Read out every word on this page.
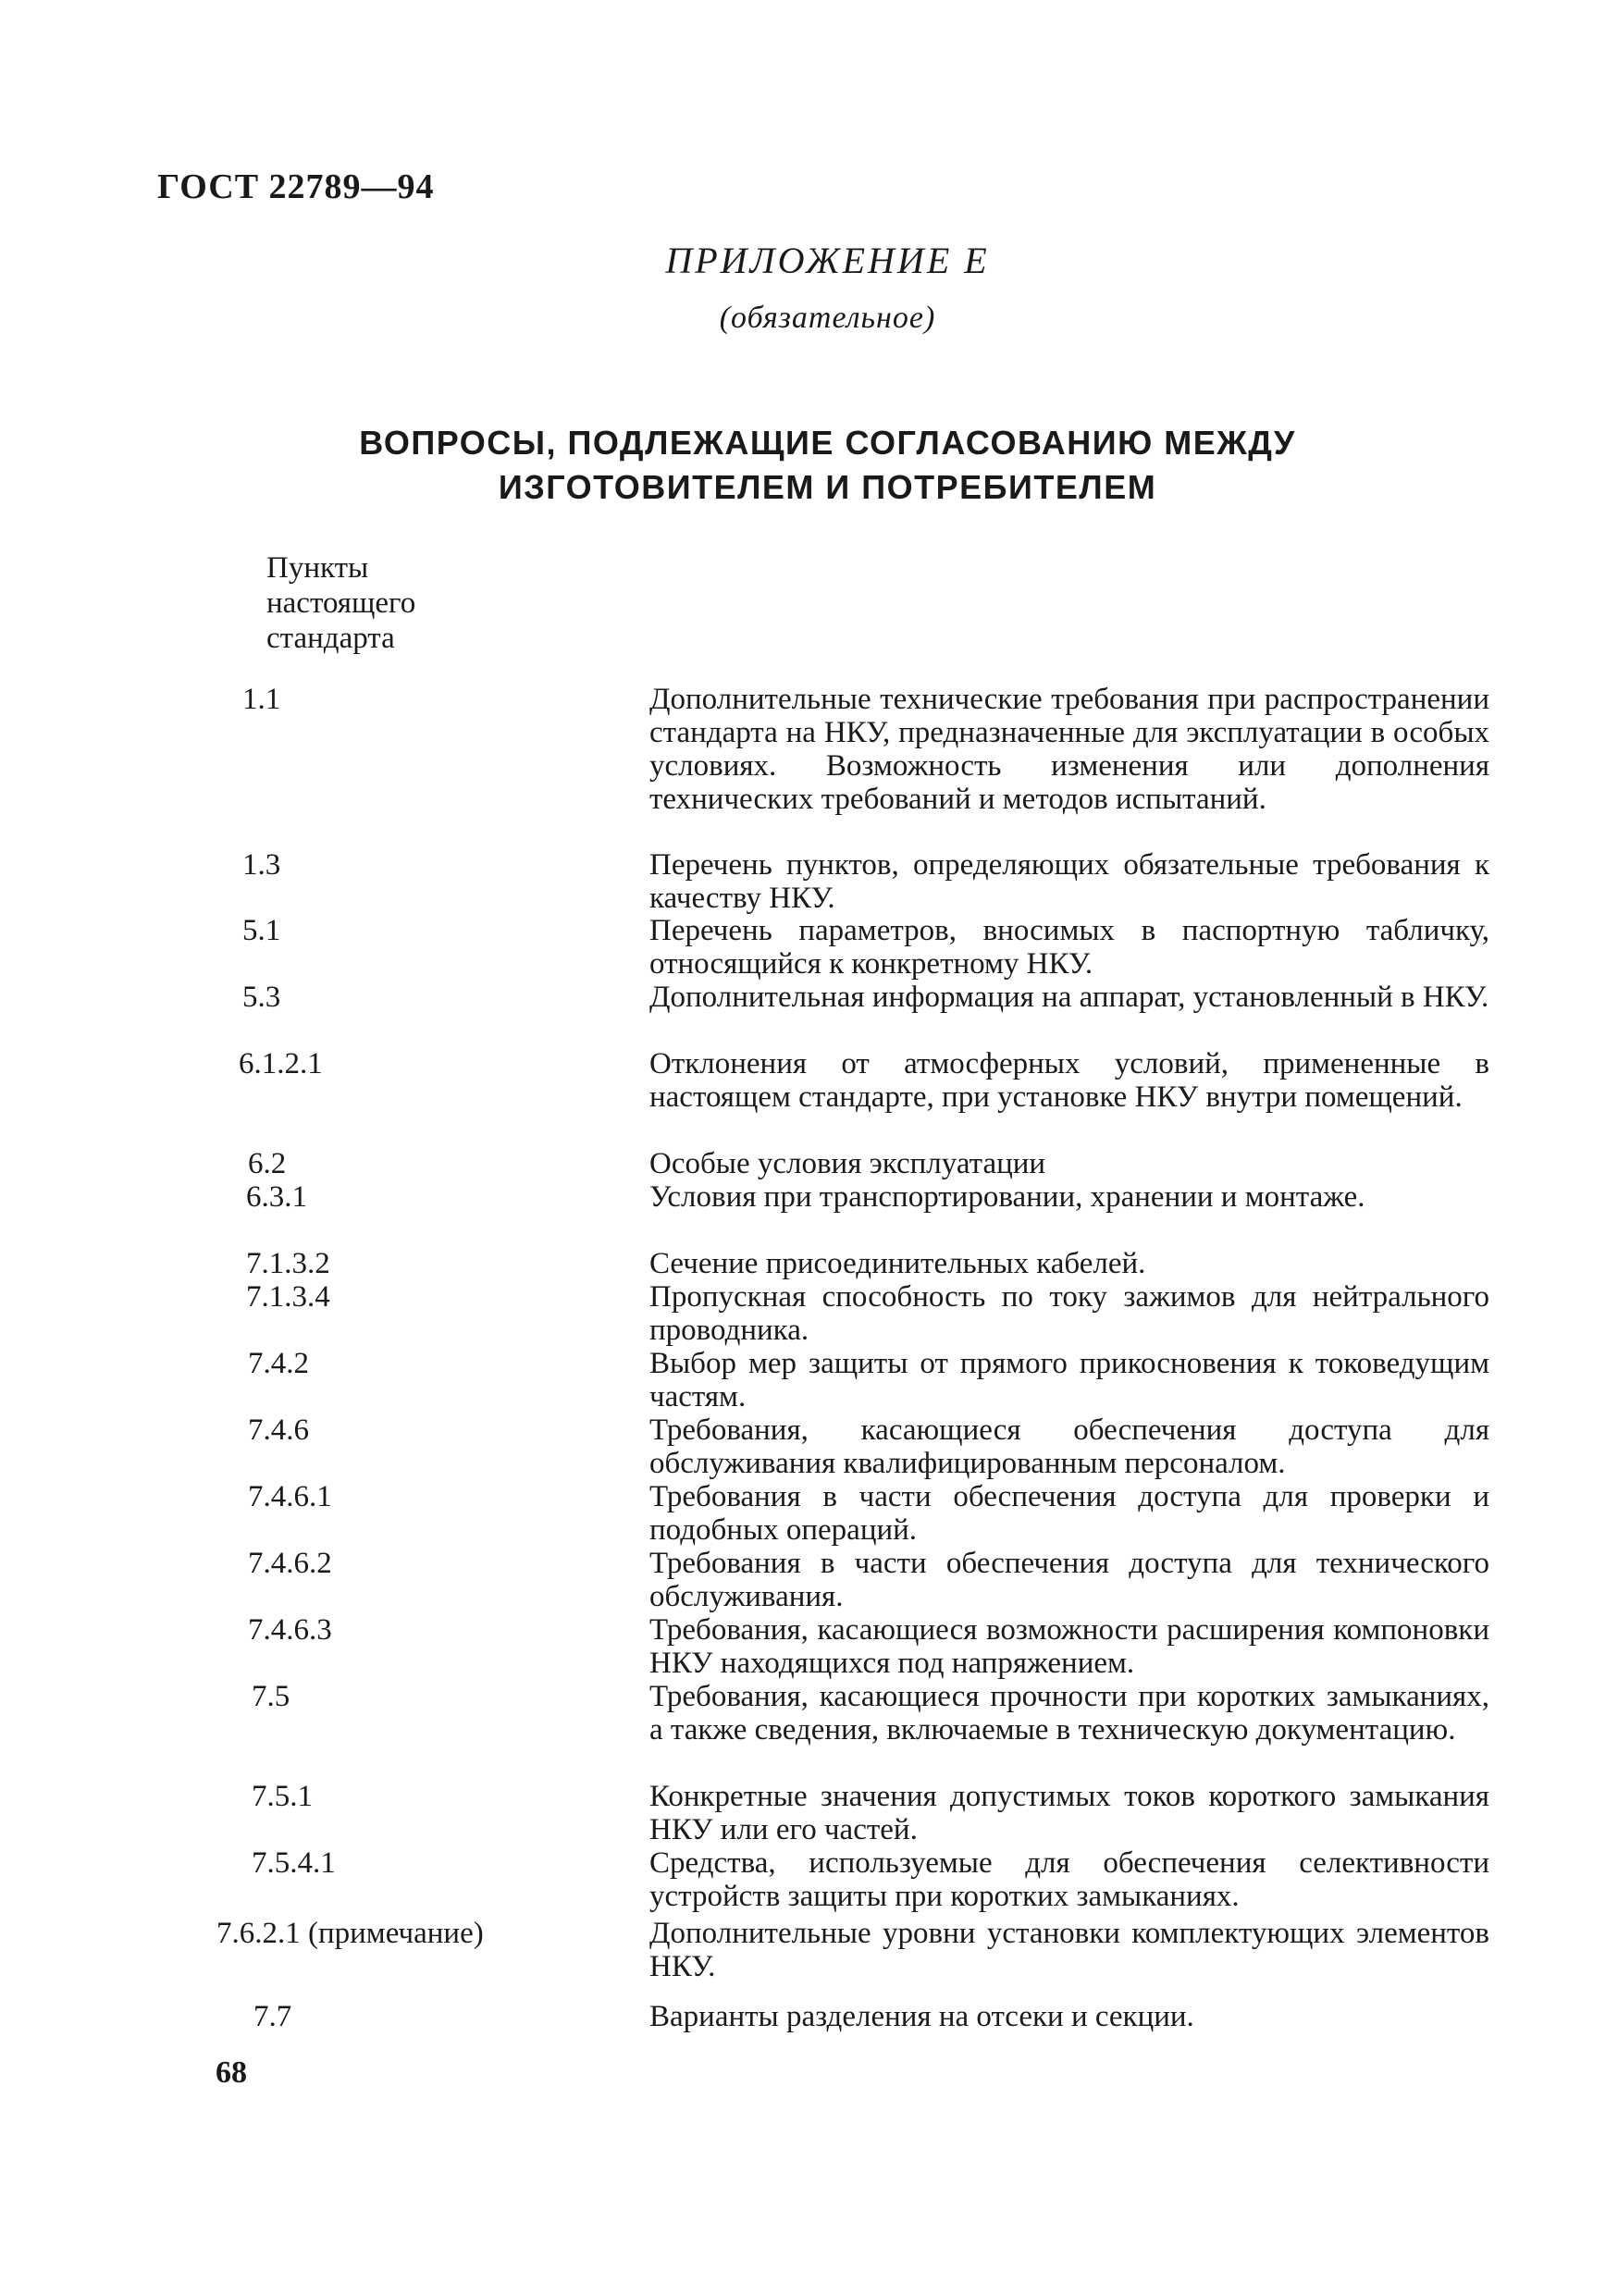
ГОСТ 22789—94
ПРИЛОЖЕНИЕ Е
(обязательное)
ВОПРОСЫ, ПОДЛЕЖАЩИЕ СОГЛАСОВАНИЮ МЕЖДУ
ИЗГОТОВИТЕЛЕМ И ПОТРЕБИТЕЛЕМ
Пункты
настоящего
стандарта
1.1	Дополнительные технические требования при распространении стандарта на НКУ, предназначенные для эксплуатации в особых условиях. Возможность изменения или дополнения технических требований и методов испытаний.
1.3	Перечень пунктов, определяющих обязательные требования к качеству НКУ.
5.1	Перечень параметров, вносимых в паспортную табличку, относящийся к конкретному НКУ.
5.3	Дополнительная информация на аппарат, установленный в НКУ.
6.1.2.1	Отклонения от атмосферных условий, примененные в настоящем стандарте, при установке НКУ внутри помещений.
6.2	Особые условия эксплуатации
6.3.1	Условия при транспортировании, хранении и монтаже.
7.1.3.2	Сечение присоединительных кабелей.
7.1.3.4	Пропускная способность по току зажимов для нейтрального проводника.
7.4.2	Выбор мер защиты от прямого прикосновения к токоведущим частям.
7.4.6	Требования, касающиеся обеспечения доступа для обслуживания квалифицированным персоналом.
7.4.6.1	Требования в части обеспечения доступа для проверки и подобных операций.
7.4.6.2	Требования в части обеспечения доступа для технического обслуживания.
7.4.6.3	Требования, касающиеся возможности расширения компоновки НКУ находящихся под напряжением.
7.5	Требования, касающиеся прочности при коротких замыканиях, а также сведения, включаемые в техническую документацию.
7.5.1	Конкретные значения допустимых токов короткого замыкания НКУ или его частей.
7.5.4.1	Средства, используемые для обеспечения селективности устройств защиты при коротких замыканиях.
7.6.2.1 (примечание)	Дополнительные уровни установки комплектующих элементов НКУ.
7.7	Варианты разделения на отсеки и секции.
68
